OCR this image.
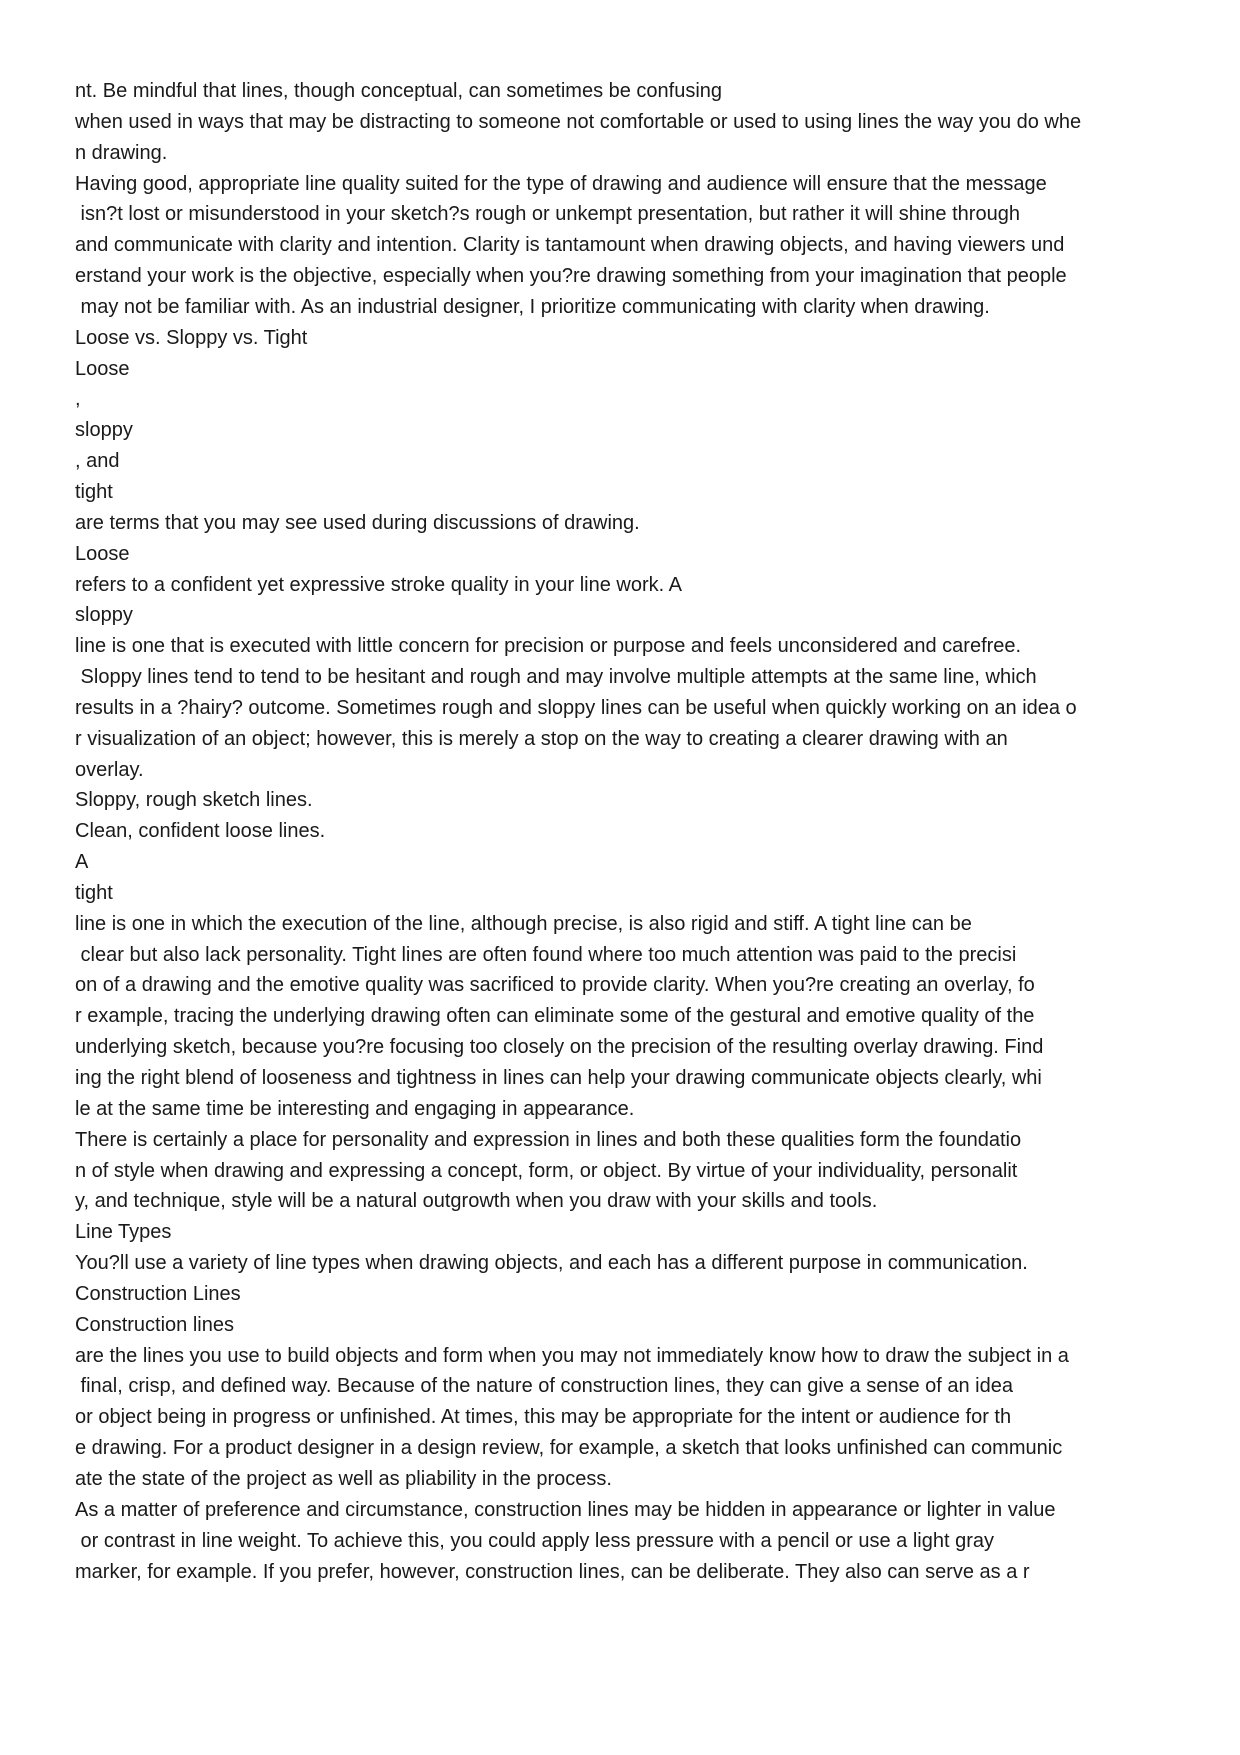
nt. Be mindful that lines, though conceptual, can sometimes be confusing
when used in ways that may be distracting to someone not comfortable or used to using lines the way you do whe
n drawing.
Having good, appropriate line quality suited for the type of drawing and audience will ensure that the message
isn?t lost or misunderstood in your sketch?s rough or unkempt presentation, but rather it will shine through
and communicate with clarity and intention. Clarity is tantamount when drawing objects, and having viewers und
erstand your work is the objective, especially when you?re drawing something from your imagination that people
may not be familiar with. As an industrial designer, I prioritize communicating with clarity when drawing.
Loose vs. Sloppy vs. Tight
Loose
,
sloppy
, and
tight
are terms that you may see used during discussions of drawing.
Loose
refers to a confident yet expressive stroke quality in your line work. A
sloppy
line is one that is executed with little concern for precision or purpose and feels unconsidered and carefree.
Sloppy lines tend to tend to be hesitant and rough and may involve multiple attempts at the same line, which
results in a ?hairy? outcome. Sometimes rough and sloppy lines can be useful when quickly working on an idea o
r visualization of an object; however, this is merely a stop on the way to creating a clearer drawing with an
overlay.
Sloppy, rough sketch lines.
Clean, confident loose lines.
A
tight
line is one in which the execution of the line, although precise, is also rigid and stiff. A tight line can be
clear but also lack personality. Tight lines are often found where too much attention was paid to the precisi
on of a drawing and the emotive quality was sacrificed to provide clarity. When you?re creating an overlay, fo
r example, tracing the underlying drawing often can eliminate some of the gestural and emotive quality of the
underlying sketch, because you?re focusing too closely on the precision of the resulting overlay drawing. Find
ing the right blend of looseness and tightness in lines can help your drawing communicate objects clearly, whi
le at the same time be interesting and engaging in appearance.
There is certainly a place for personality and expression in lines and both these qualities form the foundatio
n of style when drawing and expressing a concept, form, or object. By virtue of your individuality, personalit
y, and technique, style will be a natural outgrowth when you draw with your skills and tools.
Line Types
You?ll use a variety of line types when drawing objects, and each has a different purpose in communication.
Construction Lines
Construction lines
are the lines you use to build objects and form when you may not immediately know how to draw the subject in a
final, crisp, and defined way. Because of the nature of construction lines, they can give a sense of an idea
or object being in progress or unfinished. At times, this may be appropriate for the intent or audience for th
e drawing. For a product designer in a design review, for example, a sketch that looks unfinished can communic
ate the state of the project as well as pliability in the process.
As a matter of preference and circumstance, construction lines may be hidden in appearance or lighter in value
or contrast in line weight. To achieve this, you could apply less pressure with a pencil or use a light gray
marker, for example. If you prefer, however, construction lines, can be deliberate. They also can serve as a r
